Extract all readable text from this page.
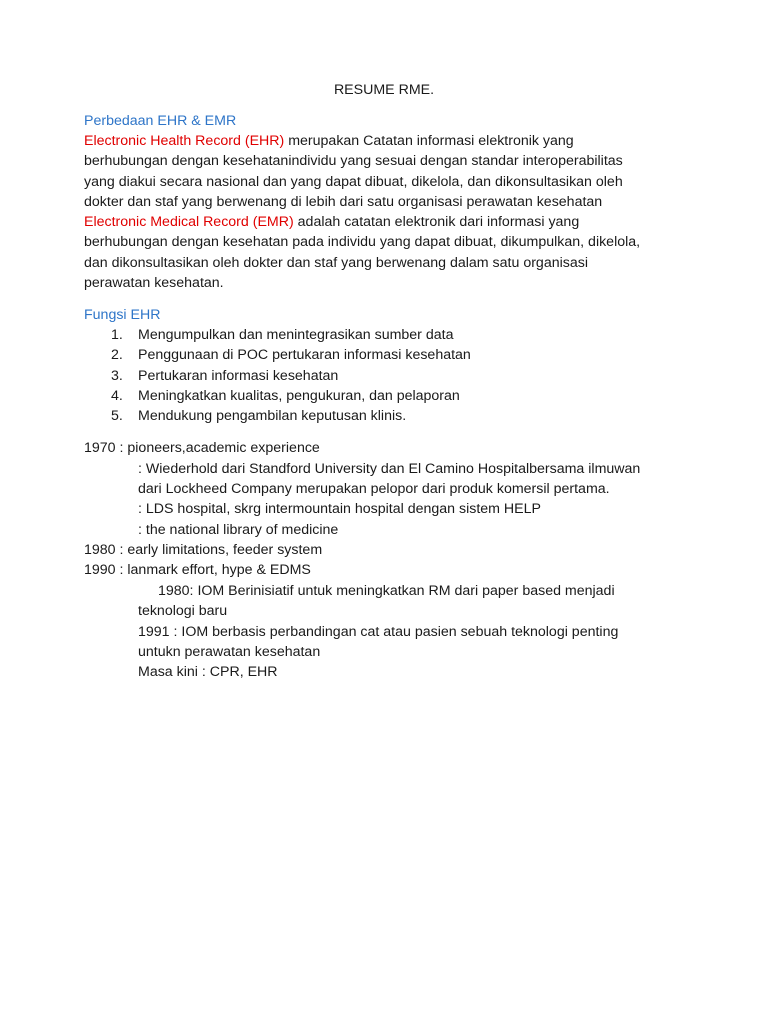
RESUME RME.
Perbedaan EHR & EMR
Electronic Health Record (EHR) merupakan Catatan informasi elektronik yang
berhubungan dengan kesehatanindividu yang sesuai dengan standar interoperabilitas
yang diakui secara nasional dan yang dapat dibuat, dikelola, dan dikonsultasikan oleh
dokter dan staf yang berwenang di lebih dari satu organisasi perawatan kesehatan
Electronic Medical Record (EMR) adalah catatan elektronik dari informasi yang
berhubungan dengan kesehatan pada individu yang dapat dibuat, dikumpulkan, dikelola,
dan dikonsultasikan oleh dokter dan staf yang berwenang dalam satu organisasi
perawatan kesehatan.
Fungsi EHR
1.	Mengumpulkan dan menintegrasikan sumber data
2.	Penggunaan di POC pertukaran informasi kesehatan
3.	Pertukaran informasi kesehatan
4.	Meningkatkan kualitas, pengukuran, dan pelaporan
5.	Mendukung pengambilan keputusan klinis.
1970 : pioneers,academic experience
: Wiederhold dari Standford University dan El Camino Hospitalbersama ilmuwan
dari Lockheed Company merupakan pelopor dari produk komersil pertama.
: LDS hospital, skrg intermountain hospital dengan sistem HELP
: the national library of medicine
1980 : early limitations, feeder system
1990 : lanmark effort, hype & EDMS
1980: IOM Berinisiatif untuk meningkatkan RM dari paper based menjadi
teknologi baru
1991 : IOM berbasis perbandingan cat atau pasien sebuah teknologi penting
untukn perawatan kesehatan
Masa kini : CPR, EHR
